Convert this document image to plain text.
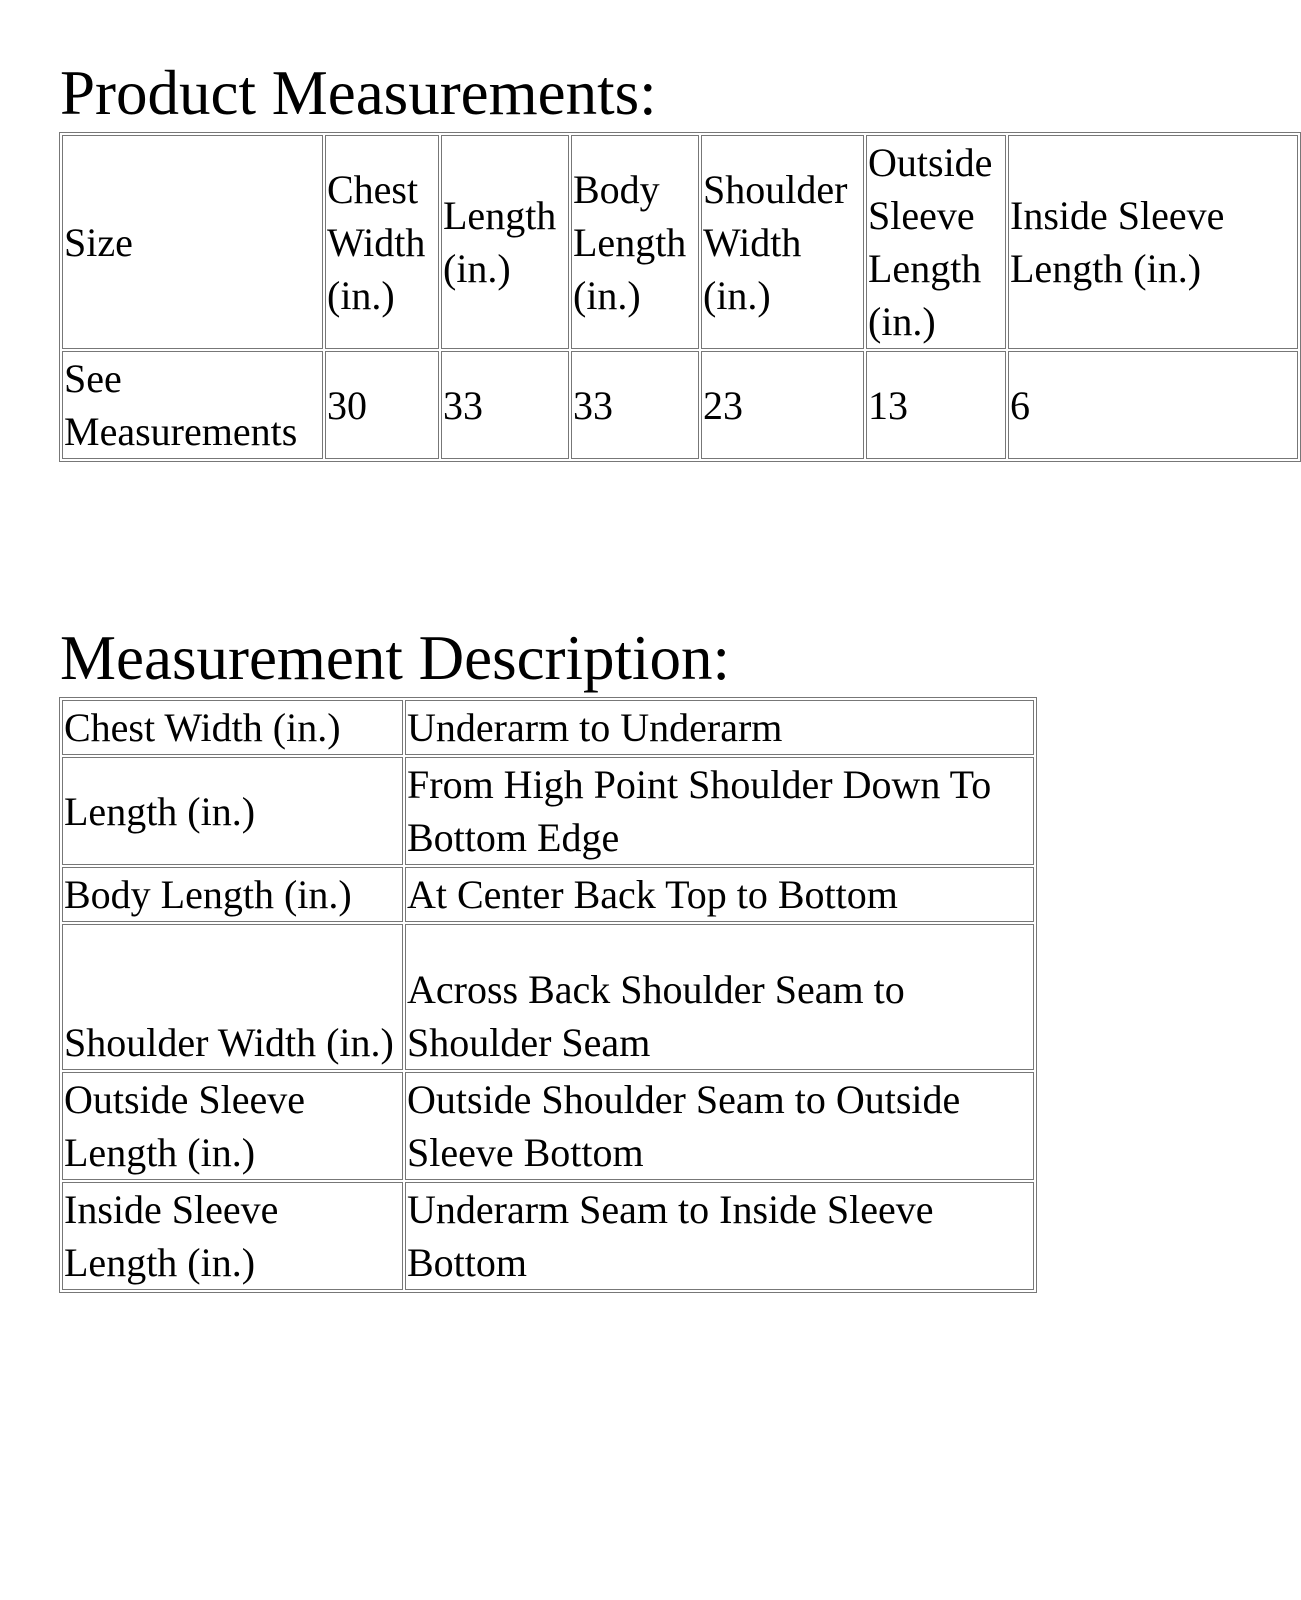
Product Measurements:
Size	Chest Width (in.)	Length (in.)	Body Length (in.)	Shoulder Width (in.)	Outside Sleeve Length (in.)	Inside Sleeve Length (in.)
See Measurements	30	33	33	23	13	6
Measurement Description:
Chest Width (in.)	Underarm to Underarm
Length (in.)	From High Point Shoulder Down To Bottom Edge
Body Length (in.)	At Center Back Top to Bottom
Shoulder Width (in.)	Across Back Shoulder Seam to Shoulder Seam
Outside Sleeve Length (in.)	Outside Shoulder Seam to Outside Sleeve Bottom
Inside Sleeve Length (in.)	Underarm Seam to Inside Sleeve Bottom
